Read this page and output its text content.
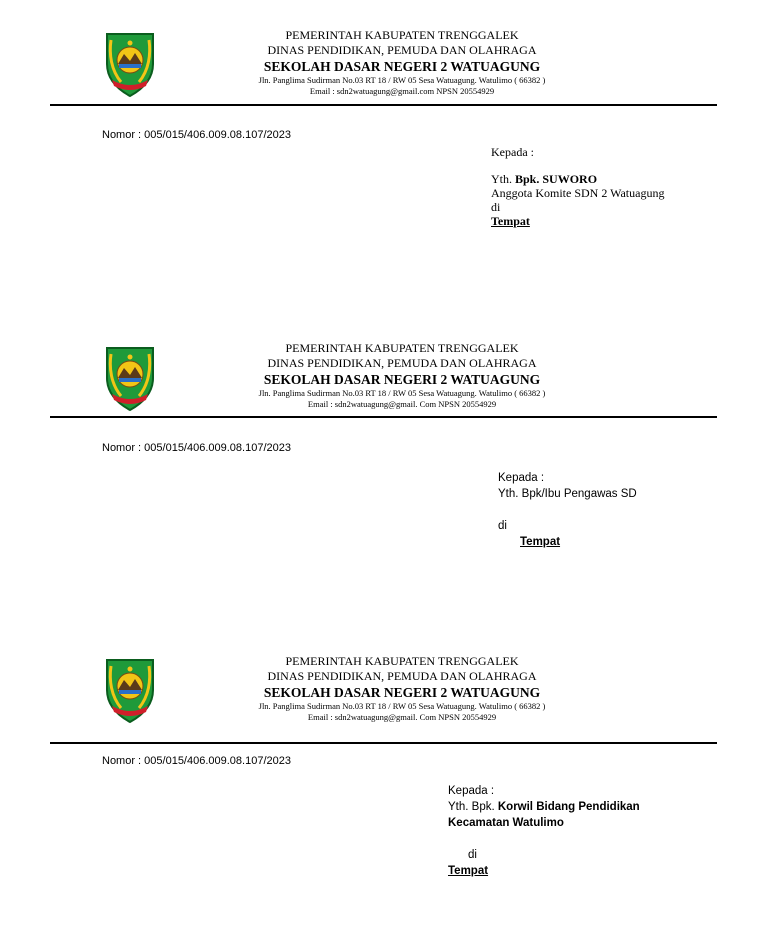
PEMERINTAH KABUPATEN TRENGGALEK
DINAS PENDIDIKAN, PEMUDA DAN OLAHRAGA
SEKOLAH DASAR NEGERI 2 WATUAGUNG
Jln. Panglima Sudirman No.03 RT 18 / RW 05 Sesa Watuagung. Watulimo ( 66382 )
Email : sdn2watuagung@gmail.com NPSN 20554929
Nomor : 005/015/406.009.08.107/2023
Kepada :
Yth. Bpk. SUWORO
Anggota Komite SDN 2 Watuagung
di
Tempat
PEMERINTAH KABUPATEN TRENGGALEK
DINAS PENDIDIKAN, PEMUDA DAN OLAHRAGA
SEKOLAH DASAR NEGERI 2 WATUAGUNG
Jln. Panglima Sudirman No.03 RT 18 / RW 05 Sesa Watuagung. Watulimo ( 66382 )
Email : sdn2watuagung@gmail. Com NPSN 20554929
Nomor : 005/015/406.009.08.107/2023
Kepada :
Yth. Bpk/Ibu Pengawas SD
di
Tempat
PEMERINTAH KABUPATEN TRENGGALEK
DINAS PENDIDIKAN, PEMUDA DAN OLAHRAGA
SEKOLAH DASAR NEGERI 2 WATUAGUNG
Jln. Panglima Sudirman No.03 RT 18 / RW 05 Sesa Watuagung. Watulimo ( 66382 )
Email : sdn2watuagung@gmail. Com NPSN 20554929
Nomor : 005/015/406.009.08.107/2023
Kepada :
Yth. Bpk. Korwil Bidang Pendidikan
Kecamatan Watulimo
di
Tempat
